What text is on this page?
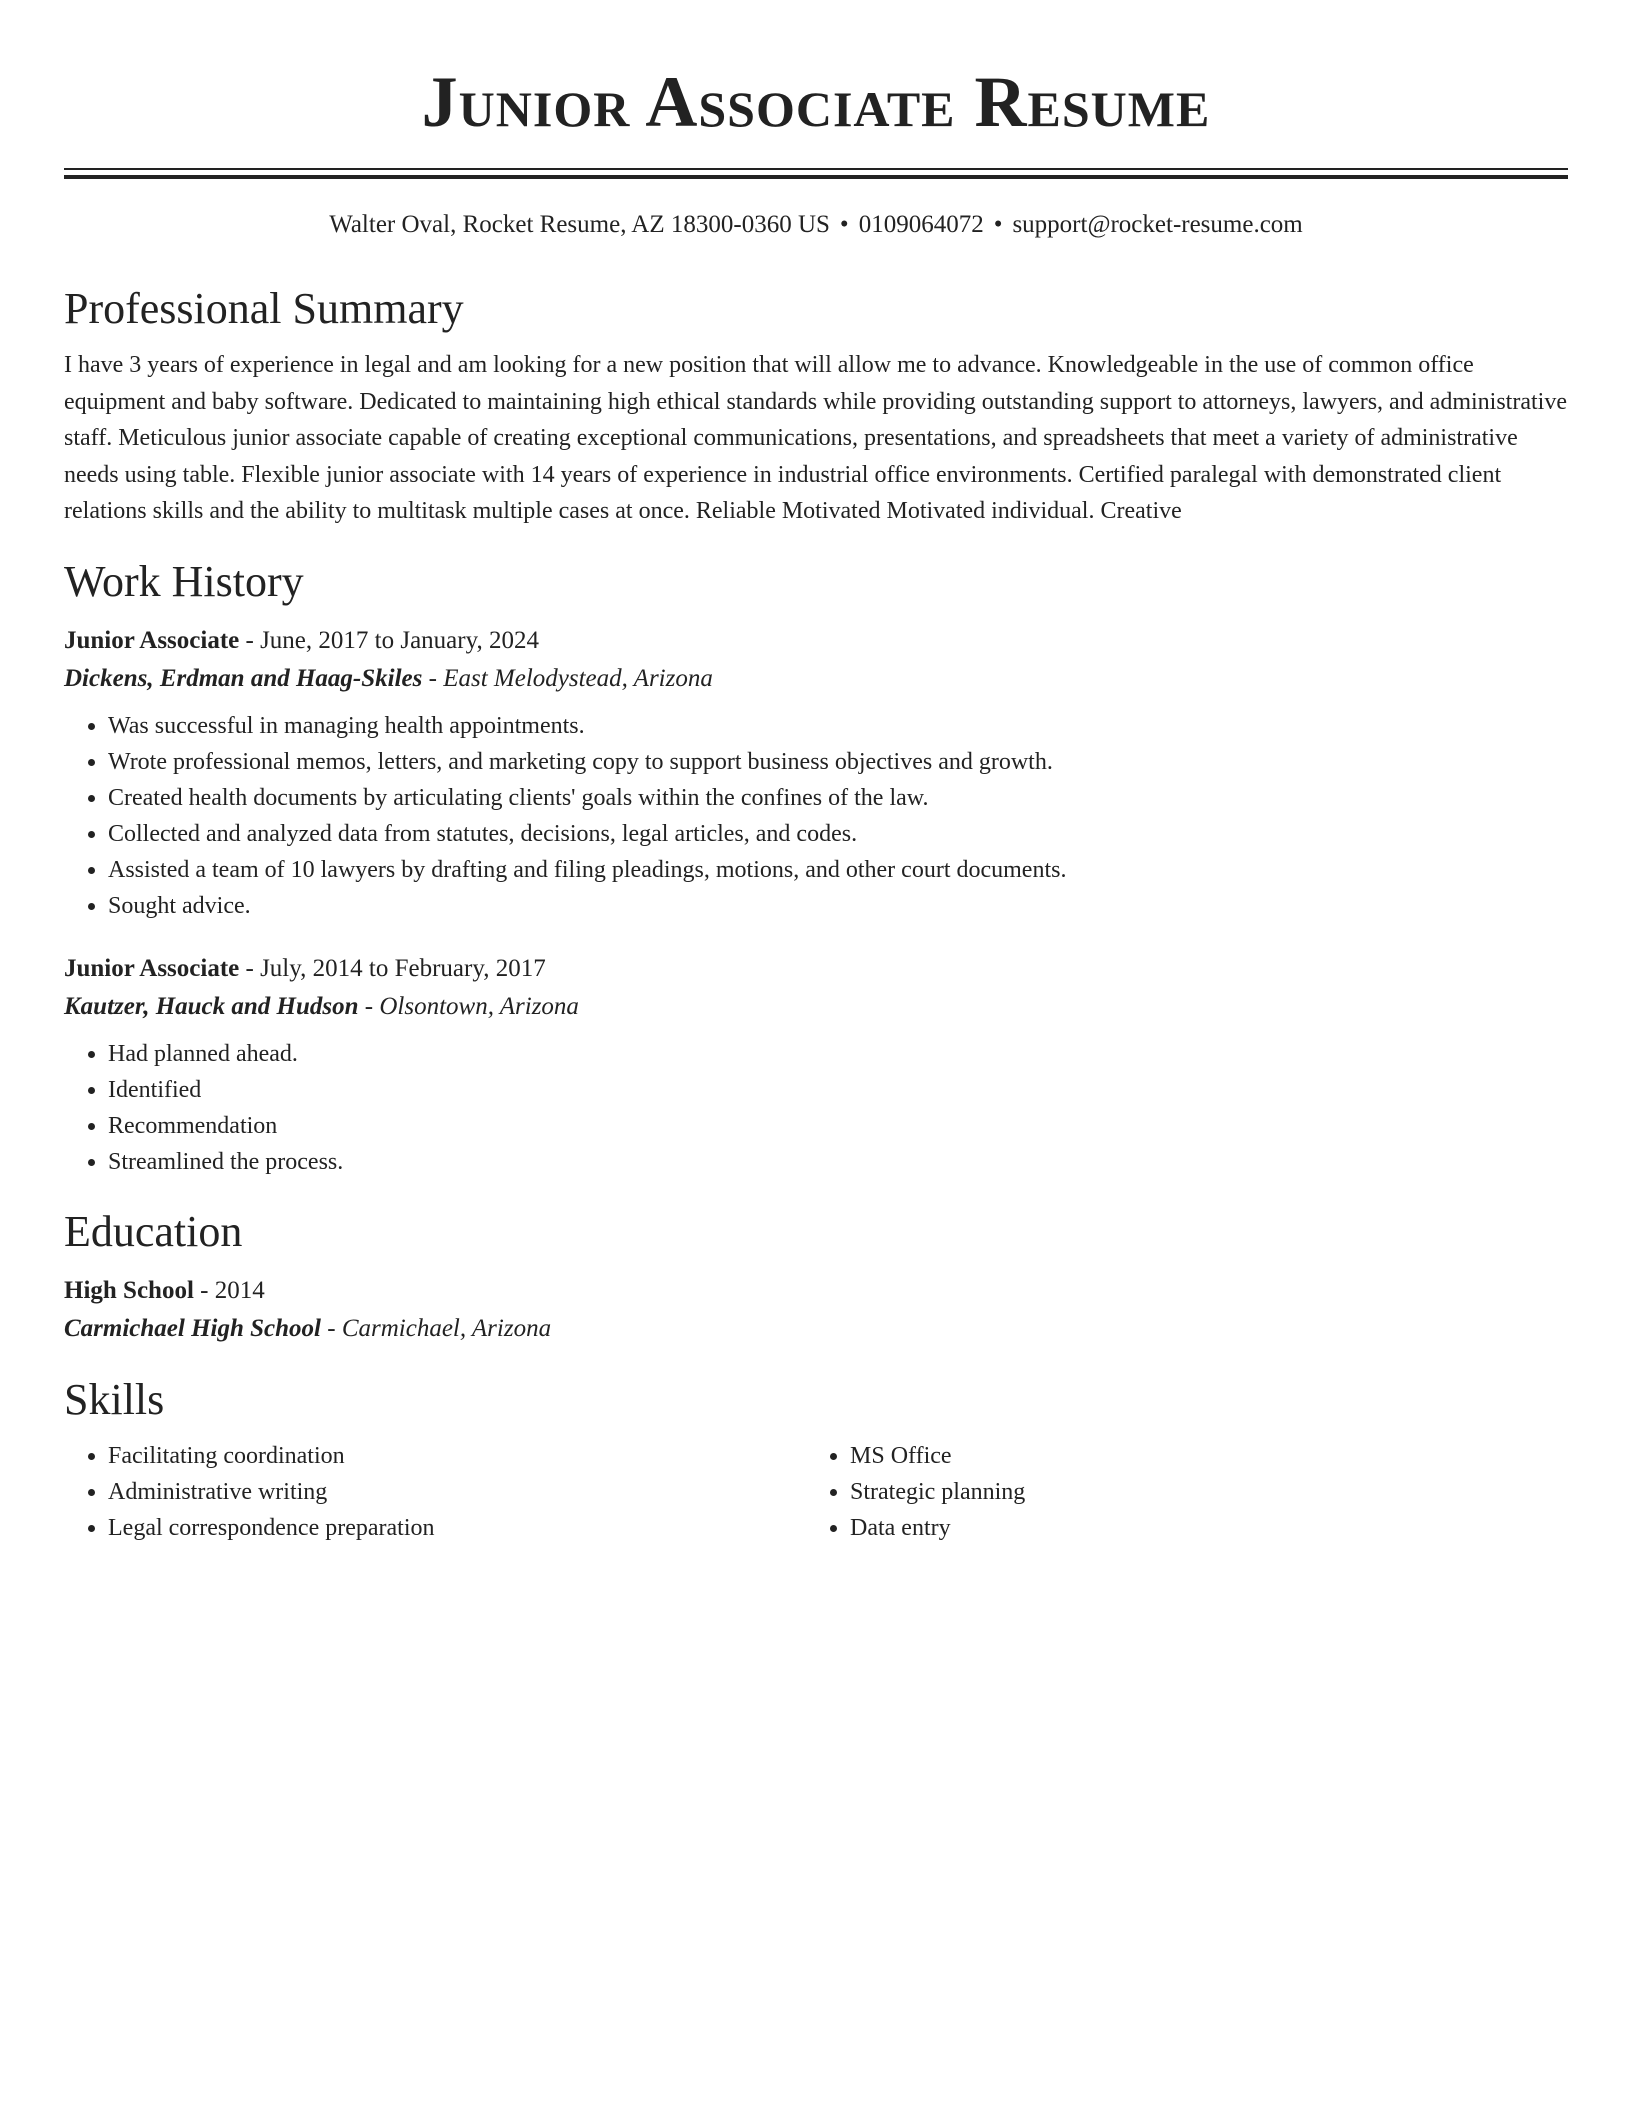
Junior Associate Resume
Walter Oval, Rocket Resume, AZ 18300-0360 US • 0109064072 • support@rocket-resume.com
Professional Summary

I have 3 years of experience in legal and am looking for a new position that will allow me to advance. Knowledgeable in the use of common office equipment and baby software. Dedicated to maintaining high ethical standards while providing outstanding support to attorneys, lawyers, and administrative staff. Meticulous junior associate capable of creating exceptional communications, presentations, and spreadsheets that meet a variety of administrative needs using table. Flexible junior associate with 14 years of experience in industrial office environments. Certified paralegal with demonstrated client relations skills and the ability to multitask multiple cases at once. Reliable Motivated Motivated individual. Creative

Work History
Junior Associate - June, 2017 to January, 2024
Dickens, Erdman and Haag-Skiles - East Melodystead, Arizona
• Was successful in managing health appointments.
• Wrote professional memos, letters, and marketing copy to support business objectives and growth.
• Created health documents by articulating clients' goals within the confines of the law.
• Collected and analyzed data from statutes, decisions, legal articles, and codes.
• Assisted a team of 10 lawyers by drafting and filing pleadings, motions, and other court documents.
• Sought advice.
Junior Associate - July, 2014 to February, 2017
Kautzer, Hauck and Hudson - Olsontown, Arizona
• Had planned ahead.
• Identified
• Recommendation
• Streamlined the process.
Education
High School - 2014
Carmichael High School - Carmichael, Arizona
Skills
• Facilitating coordination
• Administrative writing
• Legal correspondence preparation
• MS Office
• Strategic planning
• Data entry
